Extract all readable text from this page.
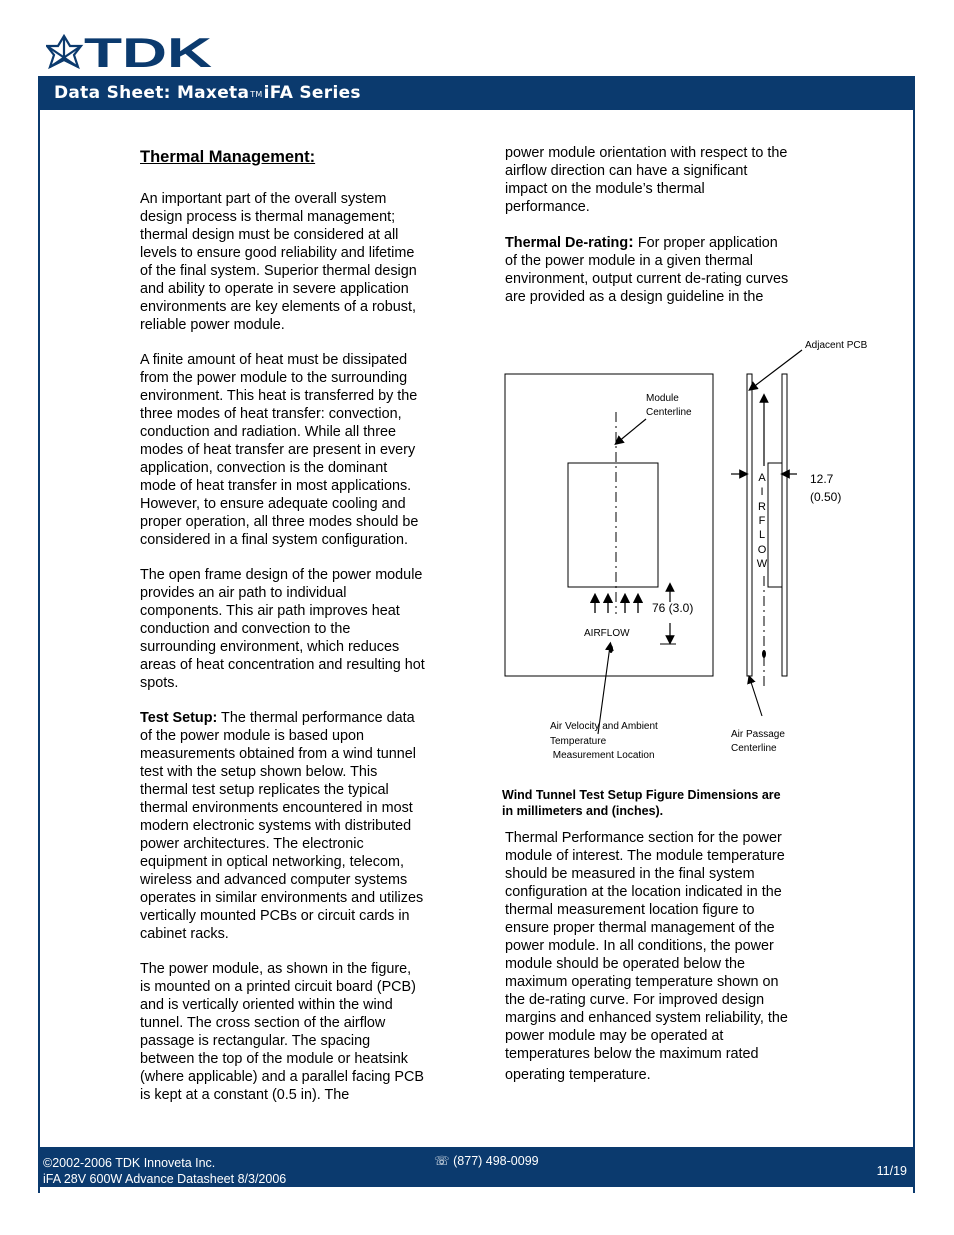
TDK
Data Sheet: MaxetaTMiFA Series
Thermal Management:

An important part of the overall system
design process is thermal management;
thermal design must be considered at all
levels to ensure good reliability and lifetime
of the final system. Superior thermal design
and ability to operate in severe application
environments are key elements of a robust,
reliable power module.

A finite amount of heat must be dissipated
from the power module to the surrounding
environment. This heat is transferred by the
three modes of heat transfer: convection,
conduction and radiation. While all three
modes of heat transfer are present in every
application, convection is the dominant
mode of heat transfer in most applications.
However, to ensure adequate cooling and
proper operation, all three modes should be
considered in a final system configuration.

The open frame design of the power module
provides an air path to individual
components. This air path improves heat
conduction and convection to the
surrounding environment, which reduces
areas of heat concentration and resulting hot
spots.

Test Setup: The thermal performance data
of the power module is based upon
measurements obtained from a wind tunnel
test with the setup shown below. This
thermal test setup replicates the typical
thermal environments encountered in most
modern electronic systems with distributed
power architectures. The electronic
equipment in optical networking, telecom,
wireless and advanced computer systems
operates in similar environments and utilizes
vertically mounted PCBs or circuit cards in
cabinet racks.

The power module, as shown in the figure,
is mounted on a printed circuit board (PCB)
and is vertically oriented within the wind
tunnel. The cross section of the airflow
passage is rectangular. The spacing
between the top of the module or heatsink
(where applicable) and a parallel facing PCB
is kept at a constant (0.5 in). The

power module orientation with respect to the
airflow direction can have a significant
impact on the module’s thermal
performance.

Thermal De-rating: For proper application
of the power module in a given thermal
environment, output current de-rating curves
are provided as a design guideline in the

Module
Centerline
AIRFLOW
76 (3.0)
Air Velocity and Ambient
Temperature
Measurement Location
A
I
R
F
L
O
W
12.7
(0.50)
Adjacent PCB
Air Passage
Centerline
Wind Tunnel Test Setup Figure Dimensions are
in millimeters and (inches).

Thermal Performance section for the power
module of interest. The module temperature
should be measured in the final system
configuration at the location indicated in the
thermal measurement location figure to
ensure proper thermal management of the
power module. In all conditions, the power
module should be operated below the
maximum operating temperature shown on
the de-rating curve. For improved design
margins and enhanced system reliability, the
power module may be operated at
temperatures below the maximum rated
operating temperature.

©2002-2006 TDK Innoveta Inc.
iFA 28V 600W Advance Datasheet 8/3/2006
☏ (877) 498-0099
11/19
